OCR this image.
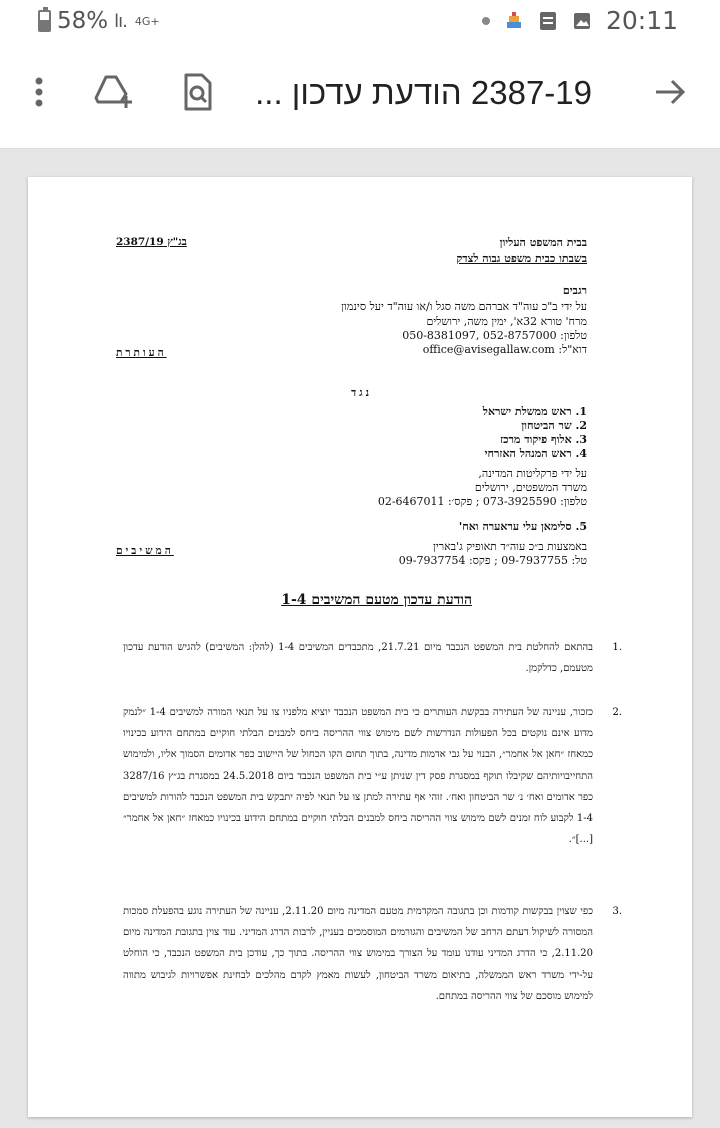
58% lı. 4G+	20:11
2387-19 הודעת עדכון ...
בבית המשפט העליון
בשבתו כבית משפט גבוה לצדק
בג"ץ 2387/19
רגבים
על ידי ב"כ עוה"ד אברהם משה סגל ו/או עוה"ד יעל סינמון
מרח' טורא 32א', ימין משה, ירושלים
טלפון: 052-8757000 ,050-8381097
דוא"ל: office@avisegallaw.com
העותרת
נגד
1. ראש ממשלת ישראל
2. שר הביטחון
3. אלוף פיקוד מרכז
4. ראש המנהל האזרחי
על ידי פרקליטות המדינה,
משרד המשפטים, ירושלים
טלפון: 073-3925590 ; פקס׳: 02-6467011
5. סלימאן עלי עראערה ואח'
באמצעות ב״כ עוה״ד תאופיק ג'בארין
טל: 09-7937755 ; פקס: 09-7937754
המשיבים
הודעת עדכון מטעם המשיבים 1-4
1.
בהתאם להחלטת בית המשפט הנכבד מיום 21.7.21, מתכבדים המשיבים 1-4 (להלן: המשיבים) להגיש הודעת עדכון מטעמם, כדלקמן.
2.
כזכור, עניינה של העתירה בבקשת העותרים כי בית המשפט הנכבד יוציא מלפניו צו על תנאי המורה למשיבים 1-4 ״לנמק מדוע אינם נוקטים בכל הפעולות הנדרשות לשם מימוש צווי ההריסה ביחס למבנים הבלתי חוקיים במתחם הידוע בכינויו כמאחז ״חאן אל אחמר״, הבנוי על גבי אדמות מדינה, בתוך תחום הקו הכחול של היישוב כפר אדומים הסמוך אליו, ולמימוש התחייבויותיהם שקיבלו תוקף במסגרת פסק דין שניתן ע״י בית המשפט הנכבד ביום 24.5.2018 במסגרת בג״ץ 3287/16 כפר אדומים ואח׳ נ׳ שר הביטחון ואח׳. זוהי אף עתירה למתן צו על תנאי לפיה יתבקש בית המשפט הנכבד להורות למשיבים 1-4 לקבוע לוח זמנים לשם מימוש צווי ההריסה ביחס למבנים הבלתי חוקיים במתחם הידוע בכינויו כמאחז ״חאן אל אחמר״ [...]״.
3.
כפי שצוין בבקשות קודמות וכן בתגובה המקדמית מטעם המדינה מיום 2.11.20, עניינה של העתירה נוגע בהפעלת סמכות המסורה לשיקול דעתם הרחב של המשיבים והגורמים המוסמכים בעניין, לרבות הדרג המדיני. עוד צוין בתגובת המדינה מיום 2.11.20, כי הדרג המדיני עודנו עומד על הצורך במימוש צווי ההריסה. בתוך כך, עודכן בית המשפט הנכבד, כי הוחלט על-ידי משרד ראש הממשלה, בתיאום משרד הביטחון, לעשות מאמץ לקדם מהלכים לבחינת אפשרויות לגיבוש מתווה למימוש מוסכם של צווי ההריסה במתחם.
